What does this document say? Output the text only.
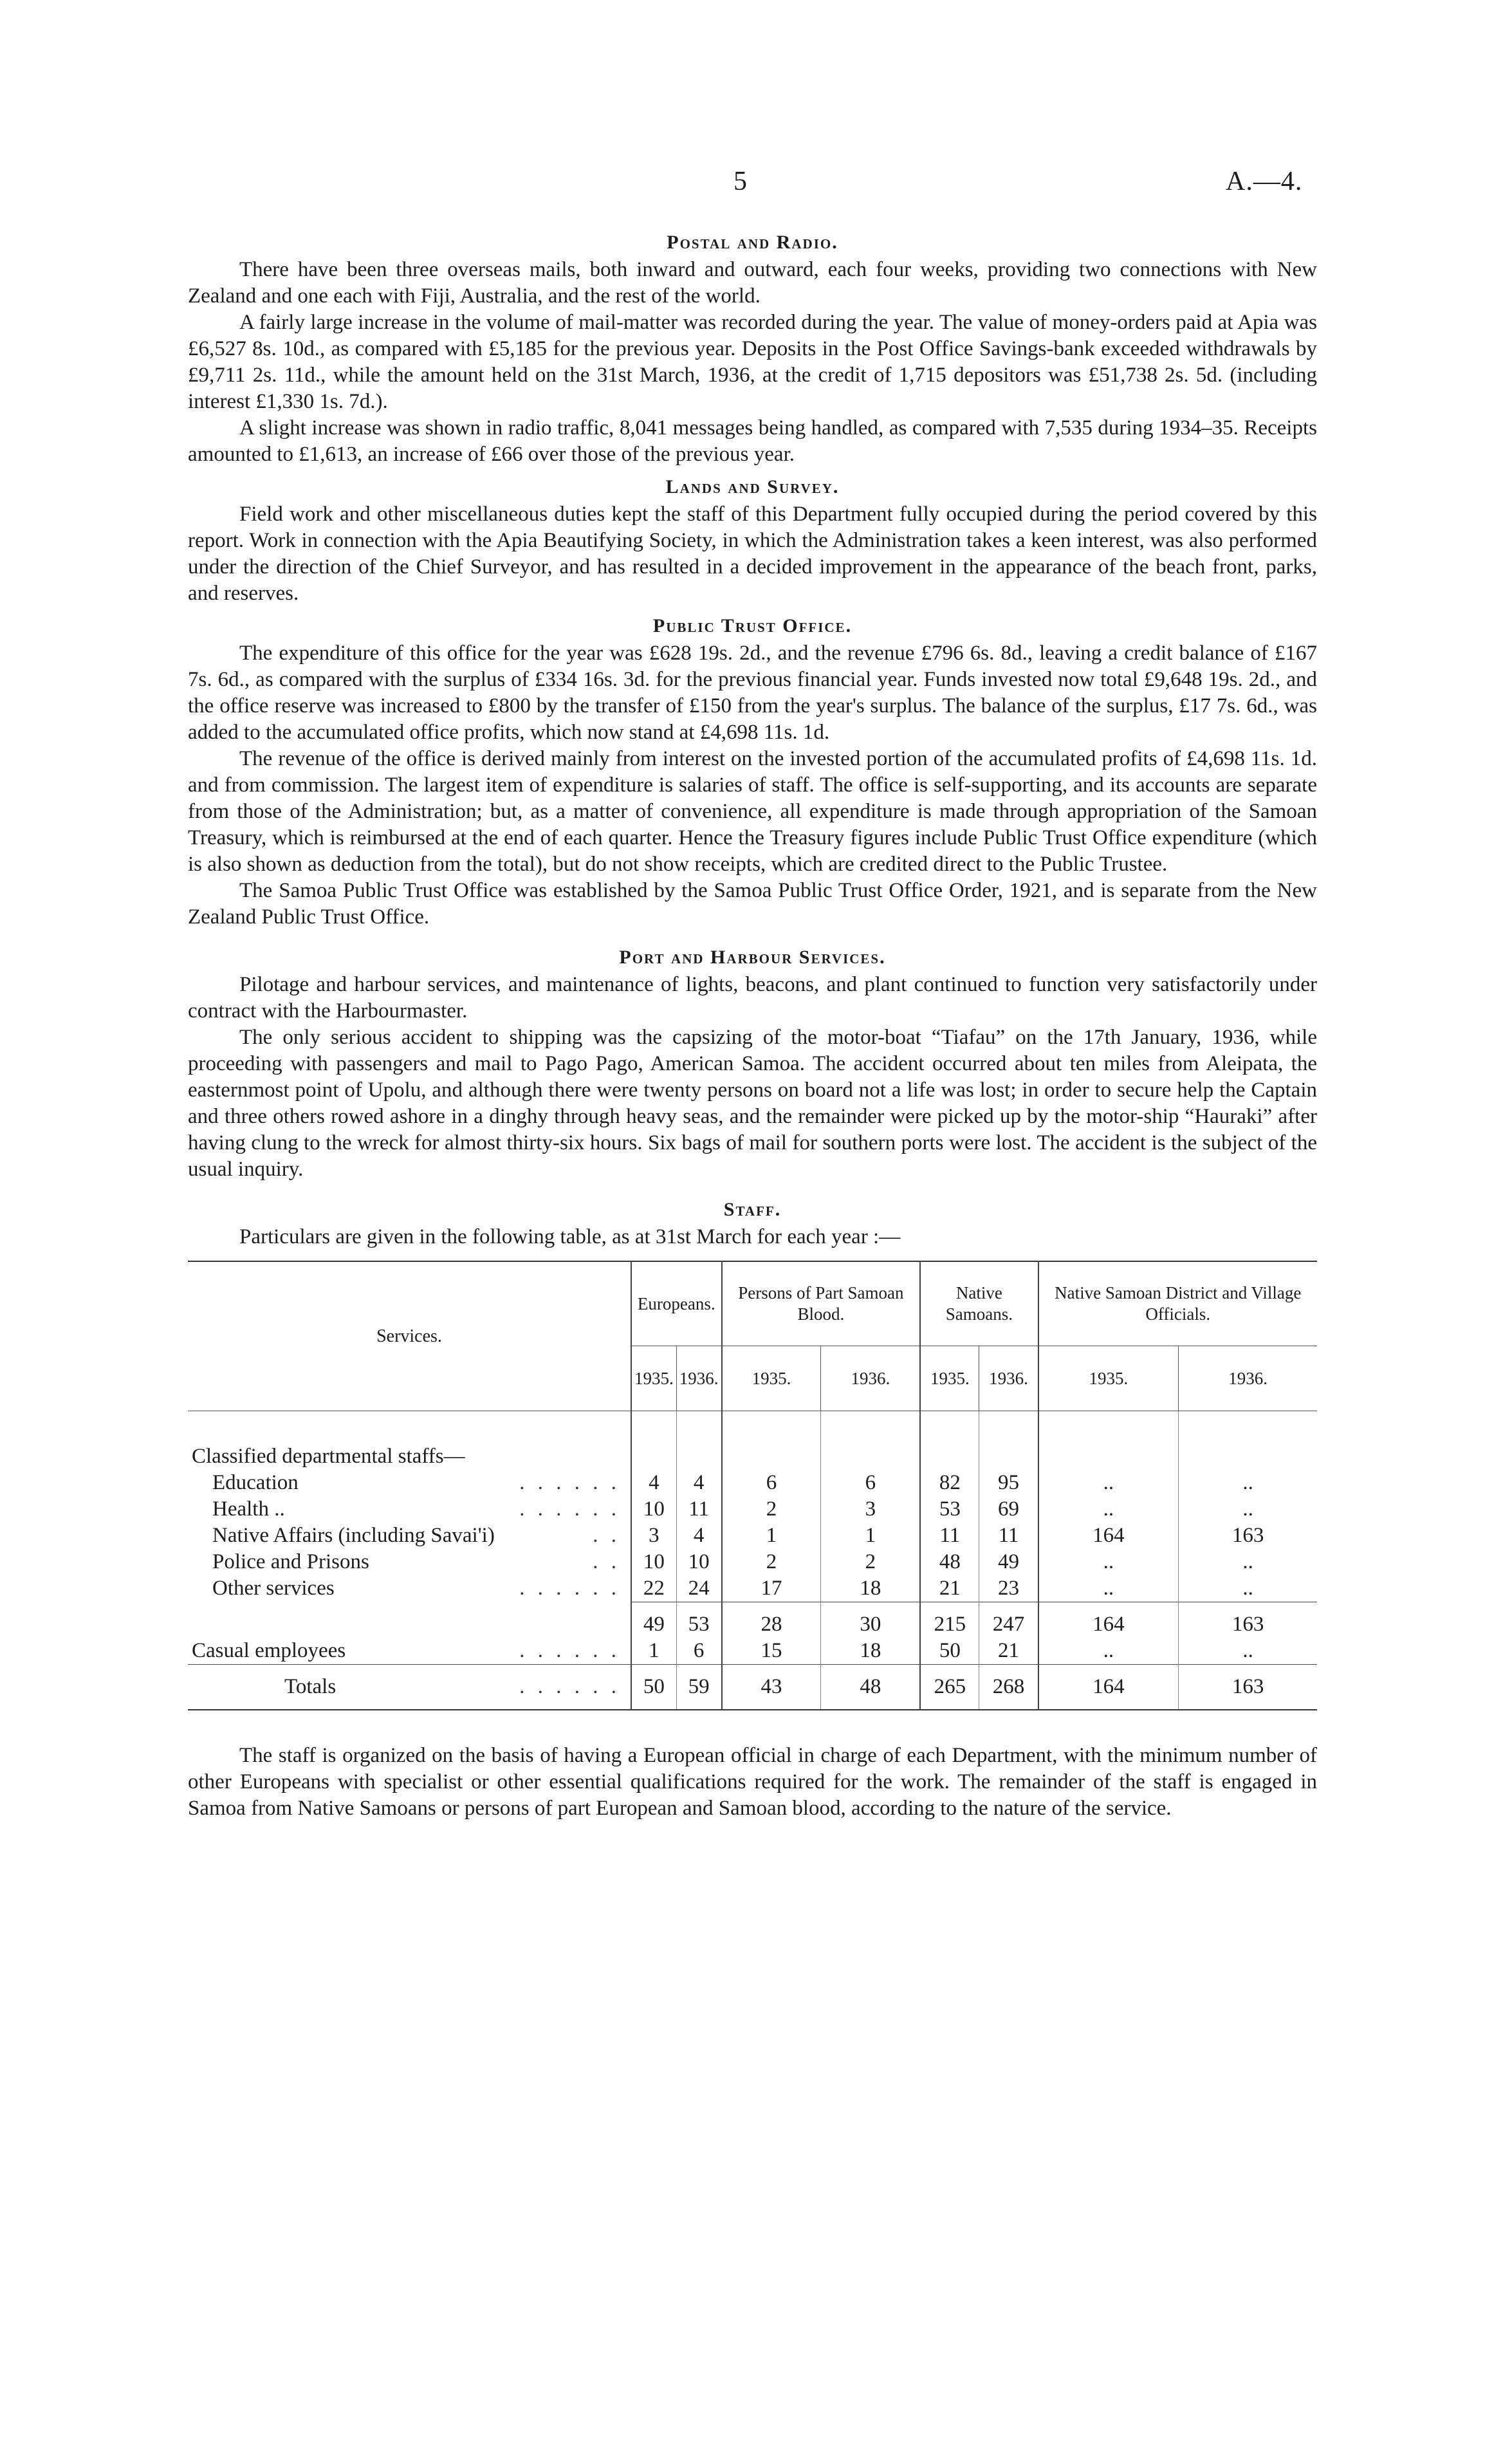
5	A.—4.
Postal and Radio.

There have been three overseas mails, both inward and outward, each four weeks, providing two connections with New Zealand and one each with Fiji, Australia, and the rest of the world.

A fairly large increase in the volume of mail-matter was recorded during the year. The value of money-orders paid at Apia was £6,527 8s. 10d., as compared with £5,185 for the previous year. Deposits in the Post Office Savings-bank exceeded withdrawals by £9,711 2s. 11d., while the amount held on the 31st March, 1936, at the credit of 1,715 depositors was £51,738 2s. 5d. (including interest £1,330 1s. 7d.).

A slight increase was shown in radio traffic, 8,041 messages being handled, as compared with 7,535 during 1934–35. Receipts amounted to £1,613, an increase of £66 over those of the previous year.

Lands and Survey.

Field work and other miscellaneous duties kept the staff of this Department fully occupied during the period covered by this report. Work in connection with the Apia Beautifying Society, in which the Administration takes a keen interest, was also performed under the direction of the Chief Surveyor, and has resulted in a decided improvement in the appearance of the beach front, parks, and reserves.

Public Trust Office.

The expenditure of this office for the year was £628 19s. 2d., and the revenue £796 6s. 8d., leaving a credit balance of £167 7s. 6d., as compared with the surplus of £334 16s. 3d. for the previous financial year. Funds invested now total £9,648 19s. 2d., and the office reserve was increased to £800 by the transfer of £150 from the year's surplus. The balance of the surplus, £17 7s. 6d., was added to the accumulated office profits, which now stand at £4,698 11s. 1d.

The revenue of the office is derived mainly from interest on the invested portion of the accumulated profits of £4,698 11s. 1d. and from commission. The largest item of expenditure is salaries of staff. The office is self-supporting, and its accounts are separate from those of the Administration; but, as a matter of convenience, all expenditure is made through appropriation of the Samoan Treasury, which is reimbursed at the end of each quarter. Hence the Treasury figures include Public Trust Office expenditure (which is also shown as deduction from the total), but do not show receipts, which are credited direct to the Public Trustee.

The Samoa Public Trust Office was established by the Samoa Public Trust Office Order, 1921, and is separate from the New Zealand Public Trust Office.

Port and Harbour Services.

Pilotage and harbour services, and maintenance of lights, beacons, and plant continued to function very satisfactorily under contract with the Harbourmaster.

The only serious accident to shipping was the capsizing of the motor-boat “Tiafau” on the 17th January, 1936, while proceeding with passengers and mail to Pago Pago, American Samoa. The accident occurred about ten miles from Aleipata, the easternmost point of Upolu, and although there were twenty persons on board not a life was lost; in order to secure help the Captain and three others rowed ashore in a dinghy through heavy seas, and the remainder were picked up by the motor-ship “Hauraki” after having clung to the wreck for almost thirty-six hours. Six bags of mail for southern ports were lost. The accident is the subject of the usual inquiry.

Staff.

Particulars are given in the following table, as at 31st March for each year :—

Services.	Europeans.		Persons of Part Samoan Blood.		Native Samoans.		Native Samoan District and Village Officials.	
	1935.	1936.	1935.	1936.	1935.	1936.	1935.	1936.

Classified departmental staffs—								
Education . . . . . .	4	4	6	6	82	95	..	..
Health .. . . . . . .	10	11	2	3	53	69	..	..
Native Affairs (including Savai'i) . .	3	4	1	1	11	11	164	163
Police and Prisons . .	10	10	2	2	48	49	..	..
Other services . . . . . .	22	24	17	18	21	23	..	..
	49	53	28	30	215	247	164	163
Casual employees . . . . . .	1	6	15	18	50	21	..	..
Totals . . . . . .	50	59	43	48	265	268	164	163

The staff is organized on the basis of having a European official in charge of each Department, with the minimum number of other Europeans with specialist or other essential qualifications required for the work. The remainder of the staff is engaged in Samoa from Native Samoans or persons of part European and Samoan blood, according to the nature of the service.
